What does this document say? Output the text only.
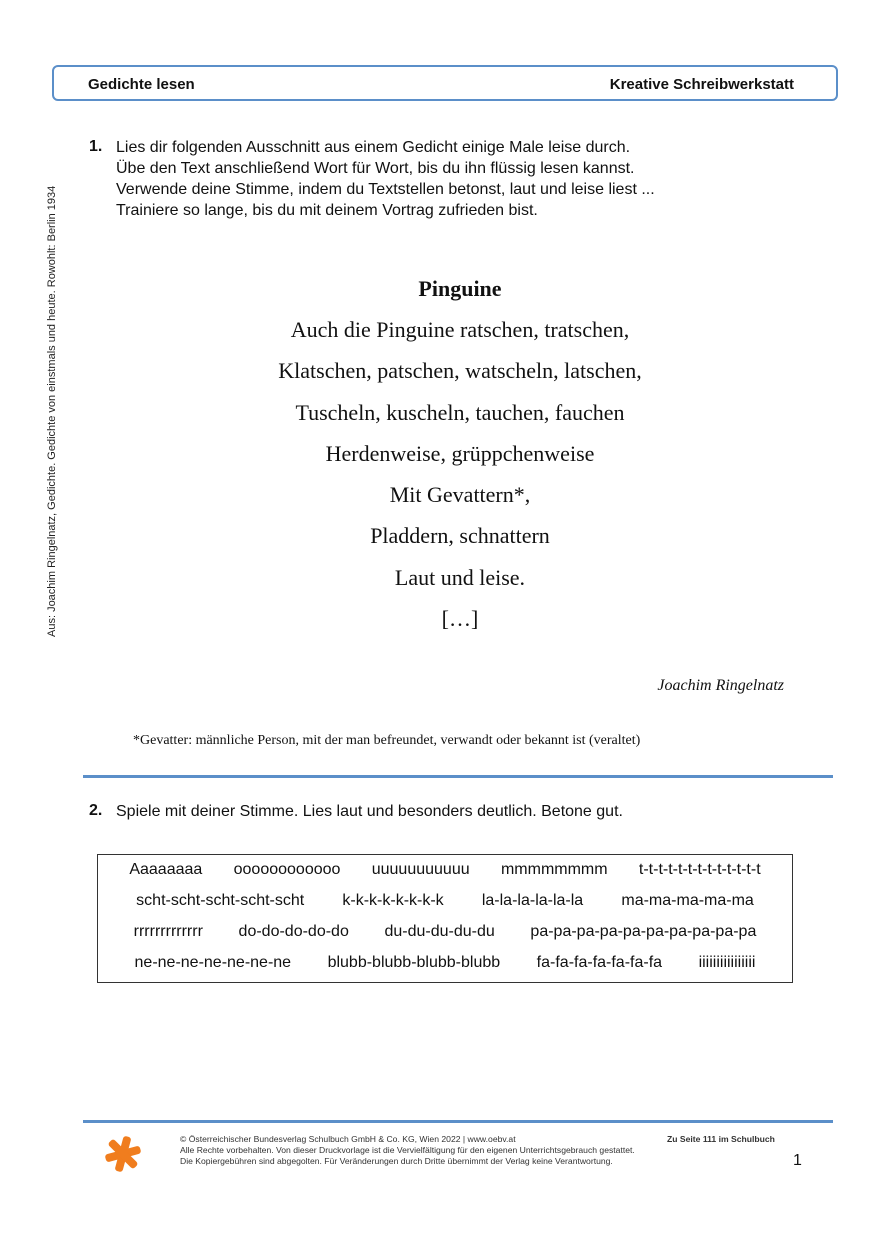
Gedichte lesen	Kreative Schreibwerkstatt
Aus: Joachim Ringelnatz, Gedichte. Gedichte von einstmals und heute. Rowohlt: Berlin 1934
1. Lies dir folgenden Ausschnitt aus einem Gedicht einige Male leise durch.
Übe den Text anschließend Wort für Wort, bis du ihn flüssig lesen kannst.
Verwende deine Stimme, indem du Textstellen betonst, laut und leise liest ...
Trainiere so lange, bis du mit deinem Vortrag zufrieden bist.
Pinguine
Auch die Pinguine ratschen, tratschen,
Klatschen, patschen, watscheln, latschen,
Tuscheln, kuscheln, tauchen, fauchen
Herdenweise, grüppchenweise
Mit Gevattern*,
Pladdern, schnattern
Laut und leise.
[…]
Joachim Ringelnatz
*Gevatter: männliche Person, mit der man befreundet, verwandt oder bekannt ist (veraltet)
2. Spiele mit deiner Stimme. Lies laut und besonders deutlich. Betone gut.
Aaaaaaaa oooooooooooo uuuuuuuuuuu mmmmmmmm t-t-t-t-t-t-t-t-t-t-t-t-t
scht-scht-scht-scht-scht k-k-k-k-k-k-k-k la-la-la-la-la-la ma-ma-ma-ma-ma
rrrrrrrrrrrrr do-do-do-do-do du-du-du-du-du pa-pa-pa-pa-pa-pa-pa-pa-pa-pa
ne-ne-ne-ne-ne-ne-ne blubb-blubb-blubb-blubb fa-fa-fa-fa-fa-fa-fa iiiiiiiiiiiiiiii
© Österreichischer Bundesverlag Schulbuch GmbH & Co. KG, Wien 2022 | www.oebv.at
Alle Rechte vorbehalten. Von dieser Druckvorlage ist die Vervielfältigung für den eigenen Unterrichtsgebrauch gestattet.
Die Kopiergebühren sind abgegolten. Für Veränderungen durch Dritte übernimmt der Verlag keine Verantwortung.
Zu Seite 111 im Schulbuch
1
